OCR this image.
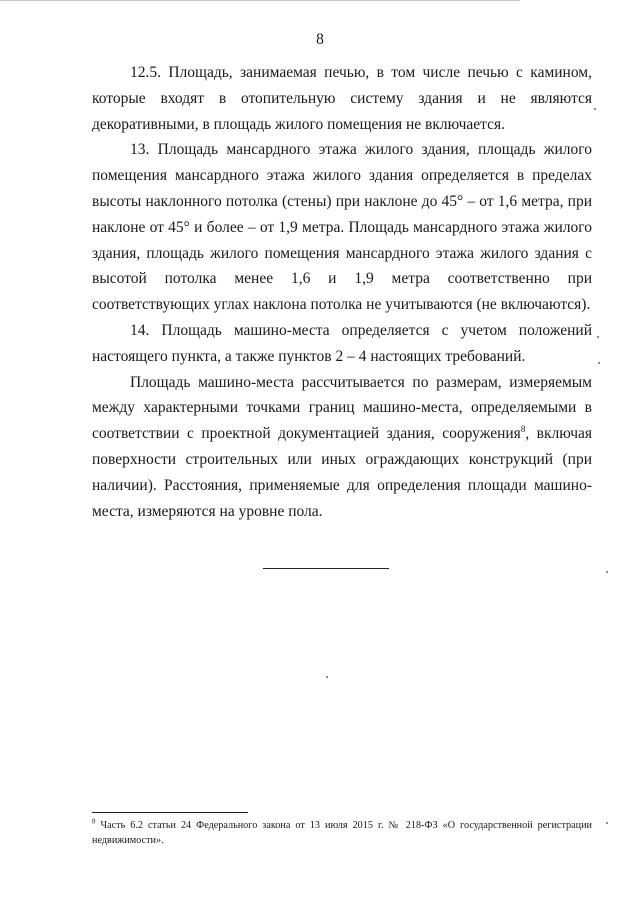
8

12.5. Площадь, занимаемая печью, в том числе печью с камином, которые входят в отопительную систему здания и не являются декоративными, в площадь жилого помещения не включается.

13. Площадь мансардного этажа жилого здания, площадь жилого помещения мансардного этажа жилого здания определяется в пределах высоты наклонного потолка (стены) при наклоне до 45° – от 1,6 метра, при наклоне от 45° и более – от 1,9 метра. Площадь мансардного этажа жилого здания, площадь жилого помещения мансардного этажа жилого здания с высотой потолка менее 1,6 и 1,9 метра соответственно при соответствующих углах наклона потолка не учитываются (не включаются).

14. Площадь машино-места определяется с учетом положений настоящего пункта, а также пунктов 2 – 4 настоящих требований.

Площадь машино-места рассчитывается по размерам, измеряемым между характерными точками границ машино-места, определяемыми в соответствии с проектной документацией здания, сооружения$^8$, включая поверхности строительных или иных ограждающих конструкций (при наличии). Расстояния, применяемые для определения площади машино-места, измеряются на уровне пола.

$^8$ Часть 6.2 статьи 24 Федерального закона от 13 июля 2015 г. № 218-ФЗ «О государственной регистрации недвижимости».
